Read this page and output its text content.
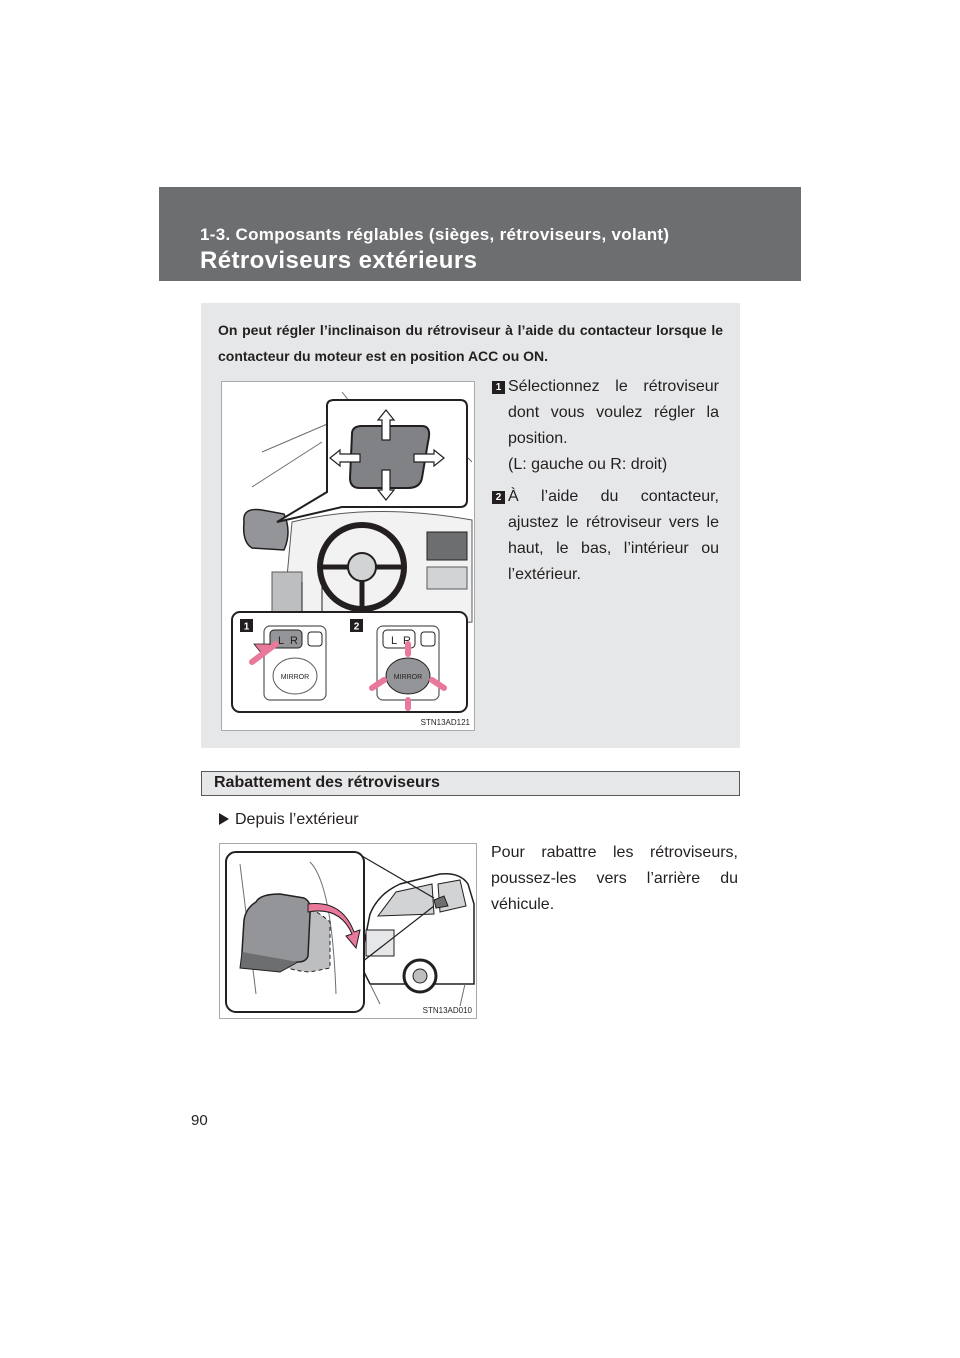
1-3. Composants réglables (sièges, rétroviseurs, volant)
Rétroviseurs extérieurs
On peut régler l’inclinaison du rétroviseur à l’aide du contacteur lorsque le contacteur du moteur est en position ACC ou ON.
1	2
L R
MIRROR
L R
MIRROR
STN13AD121
1 Sélectionnez le rétroviseur
dont vous voulez régler la
position.
(L: gauche ou R: droit)
2 À l’aide du contacteur,
ajustez le rétroviseur vers le
haut, le bas, l’intérieur ou
l’extérieur.
Rabattement des rétroviseurs
Depuis l’extérieur
STN13AD010
Pour rabattre les rétroviseurs,
poussez-les vers l’arrière du
véhicule.
90
